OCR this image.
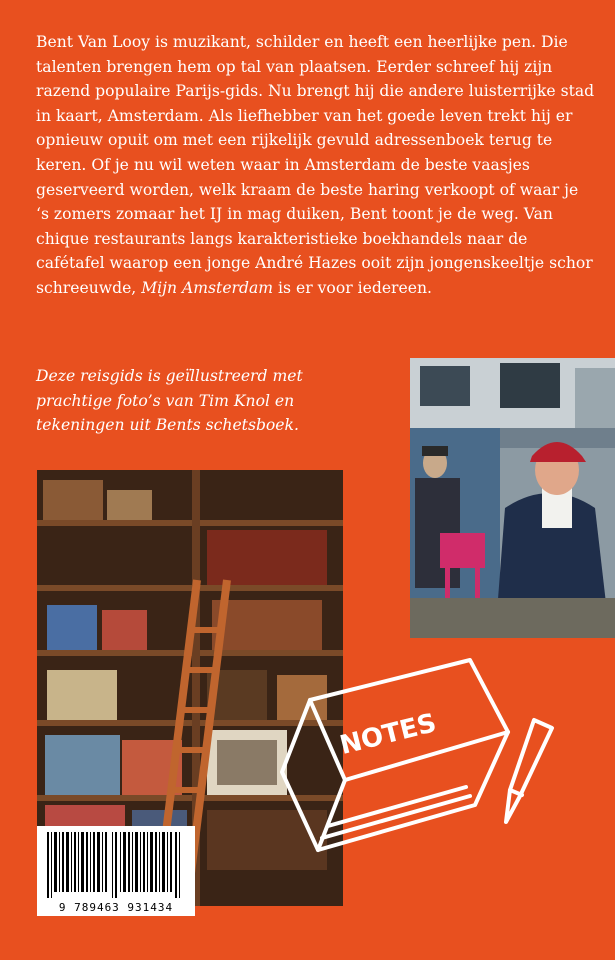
Bent Van Looy is muzikant, schilder en heeft een heerlijke pen. Die talenten brengen hem op tal van plaatsen. Eerder schreef hij zijn razend populaire Parijs-gids. Nu brengt hij die andere luisterrijke stad in kaart, Amsterdam. Als liefhebber van het goede leven trekt hij er opnieuw opuit om met een rijkelijk gevuld adressenboek terug te keren. Of je nu wil weten waar in Amsterdam de beste vaasjes geserveerd worden, welk kraam de beste haring verkoopt of waar je ‘s zomers zomaar het IJ in mag duiken, Bent toont je de weg. Van chique restaurants langs karakteristieke boekhandels naar de cafétafel waarop een jonge André Hazes ooit zijn jongenskeeltje schor schreeuwde, Mijn Amsterdam is er voor iedereen.

Deze reisgids is geïllustreerd met prachtige foto’s van Tim Knol en tekeningen uit Bents schetsboek.

NOTES
9 789463 931434
